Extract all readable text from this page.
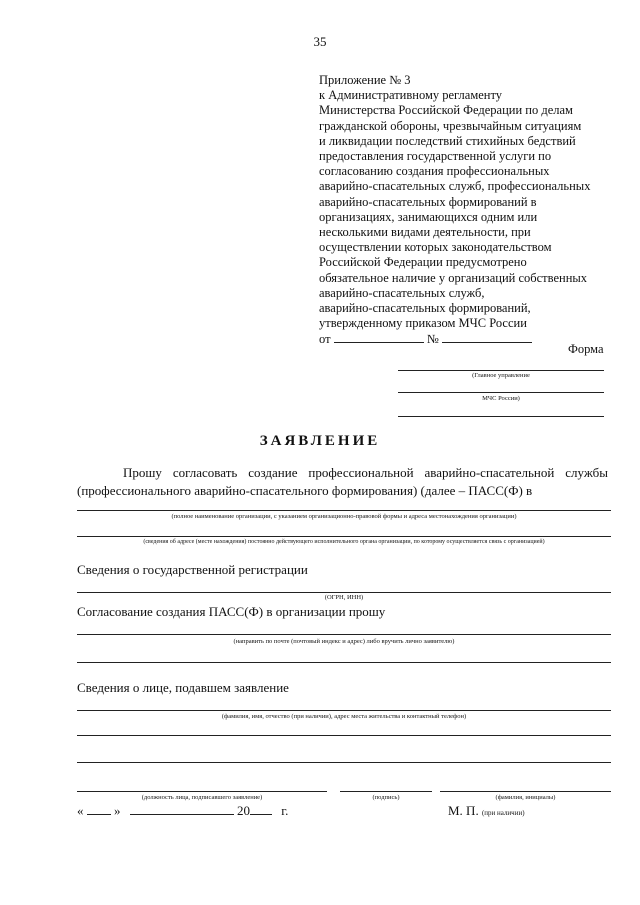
35
Приложение № 3
к Административному регламенту
Министерства Российской Федерации по делам
гражданской обороны, чрезвычайным ситуациям
и ликвидации последствий стихийных бедствий
предоставления государственной услуги по
согласованию создания профессиональных
аварийно-спасательных служб, профессиональных
аварийно-спасательных формирований в
организациях, занимающихся одним или
несколькими видами деятельности, при
осуществлении которых законодательством
Российской Федерации предусмотрено
обязательное наличие у организаций собственных
аварийно-спасательных служб,
аварийно-спасательных формирований,
утвержденному приказом МЧС России
от	№
Форма
(Главное управление
МЧС России)
ЗАЯВЛЕНИЕ
Прошу согласовать создание профессиональной аварийно-спасательной службы (профессионального аварийно-спасательного формирования) (далее – ПАСС(Ф) в
(полное наименование организации, с указанием организационно-правовой формы и адреса местонахождения организации)
(сведения об адресе (месте нахождения) постоянно действующего исполнительного органа организации, по которому осуществляется связь с организацией)
Сведения о государственной регистрации
(ОГРН, ИНН)
Согласование создания ПАСС(Ф) в организации прошу
(направить по почте (почтовый индекс и адрес) либо вручить лично заявителю)
Сведения о лице, подавшем заявление
(фамилия, имя, отчество (при наличии), адрес места жительства и контактный телефон)
(должность лица, подписавшего заявление)	(подпись)	(фамилия, инициалы)
« »	20 г.	М. П. (при наличии)
